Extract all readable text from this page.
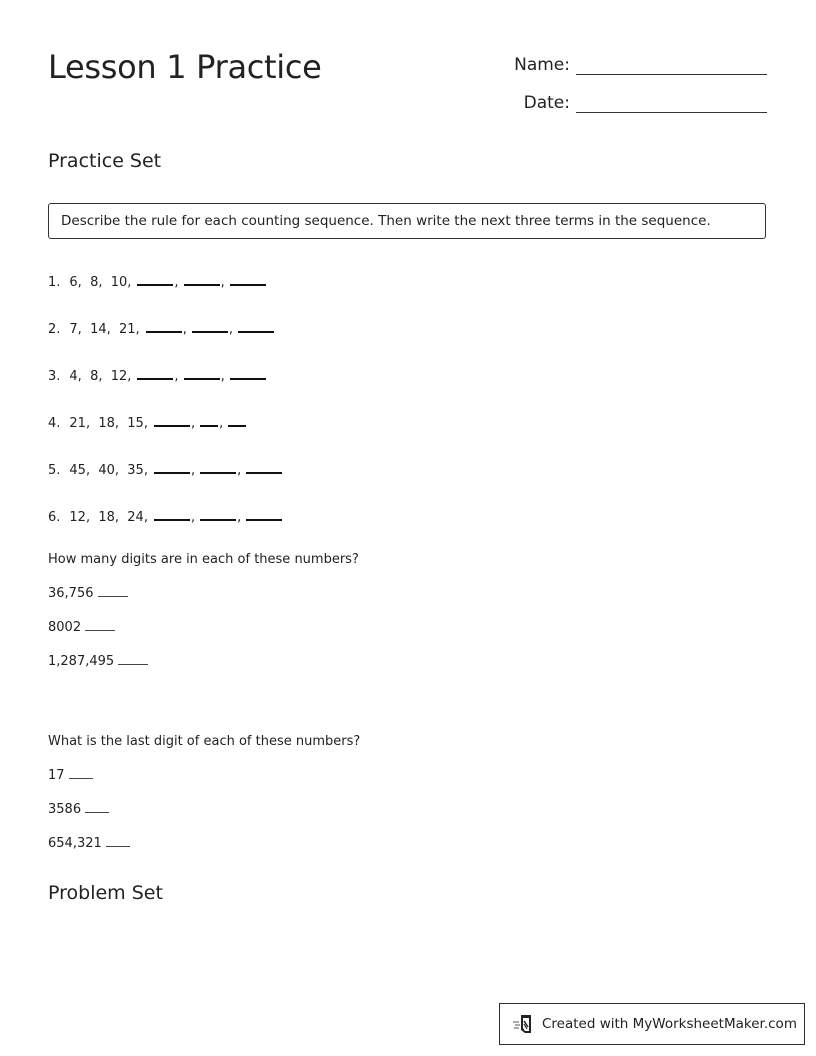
Lesson 1 Practice	Name:
Date:
Practice Set
Describe the rule for each counting sequence. Then write the next three terms in the sequence.
1. 6,  8,  10,	,	,
2. 7,  14,  21,	,	,
3. 4,  8,  12,	,	,
4. 21,  18,  15,	, ,
5. 45,  40,  35,	,	,
6. 12,  18,  24,	,	,
How many digits are in each of these numbers?
36,756
8002
1,287,495
What is the last digit of each of these numbers?
17
3586
654,321
Problem Set
Created with MyWorksheetMaker.com
